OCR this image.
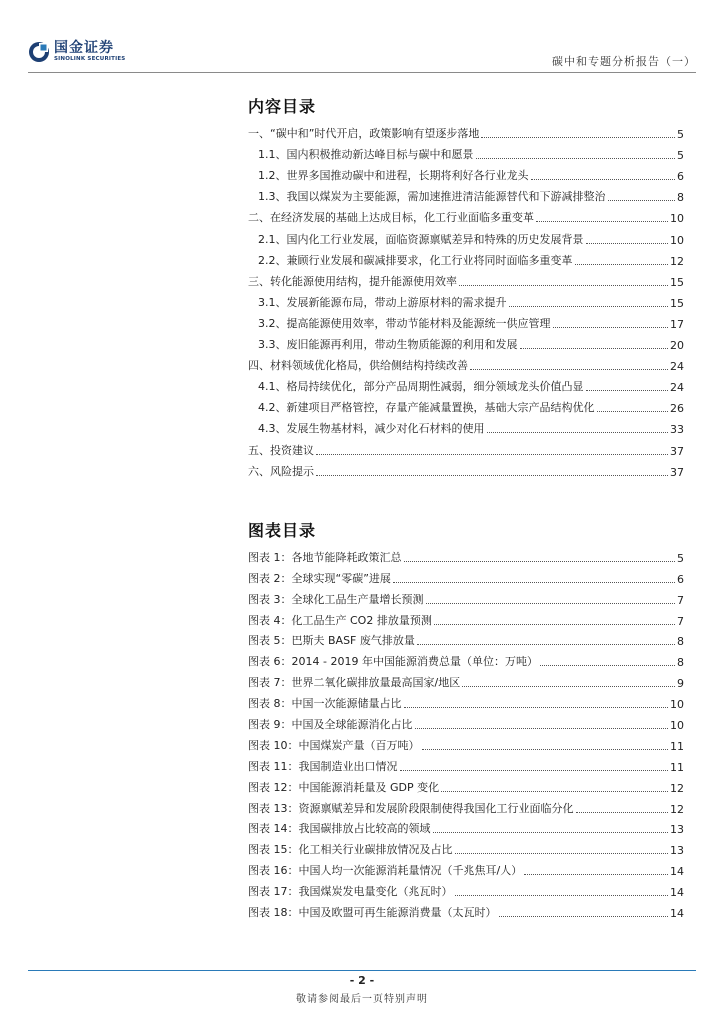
国金证券
SINOLINK SECURITIES	碳中和专题分析报告（一）
内容目录
一、“碳中和”时代开启，政策影响有望逐步落地	5
1.1、国内积极推动新达峰目标与碳中和愿景	5
1.2、世界多国推动碳中和进程，长期将利好各行业龙头	6
1.3、我国以煤炭为主要能源，需加速推进清洁能源替代和下游减排整治	8
二、在经济发展的基础上达成目标，化工行业面临多重变革	10
2.1、国内化工行业发展，面临资源禀赋差异和特殊的历史发展背景	10
2.2、兼顾行业发展和碳减排要求，化工行业将同时面临多重变革	12
三、转化能源使用结构，提升能源使用效率	15
3.1、发展新能源布局，带动上游原材料的需求提升	15
3.2、提高能源使用效率，带动节能材料及能源统一供应管理	17
3.3、废旧能源再利用，带动生物质能源的利用和发展	20
四、材料领域优化格局，供给侧结构持续改善	24
4.1、格局持续优化，部分产品周期性减弱，细分领域龙头价值凸显	24
4.2、新建项目严格管控，存量产能减量置换，基础大宗产品结构优化	26
4.3、发展生物基材料，减少对化石材料的使用	33
五、投资建议	37
六、风险提示	37
图表目录
图表 1：各地节能降耗政策汇总	5
图表 2：全球实现“零碳”进展	6
图表 3：全球化工品生产量增长预测	7
图表 4：化工品生产 CO2 排放量预测	7
图表 5：巴斯夫 BASF 废气排放量	8
图表 6：2014 - 2019 年中国能源消费总量（单位：万吨）	8
图表 7：世界二氧化碳排放量最高国家/地区	9
图表 8：中国一次能源储量占比	10
图表 9：中国及全球能源消化占比	10
图表 10：中国煤炭产量（百万吨）	11
图表 11：我国制造业出口情况	11
图表 12：中国能源消耗量及 GDP 变化	12
图表 13：资源禀赋差异和发展阶段限制使得我国化工行业面临分化	12
图表 14：我国碳排放占比较高的领域	13
图表 15：化工相关行业碳排放情况及占比	13
图表 16：中国人均一次能源消耗量情况（千兆焦耳/人）	14
图表 17：我国煤炭发电量变化（兆瓦时）	14
图表 18：中国及欧盟可再生能源消费量（太瓦时）	14
- 2 -
敬请参阅最后一页特别声明
